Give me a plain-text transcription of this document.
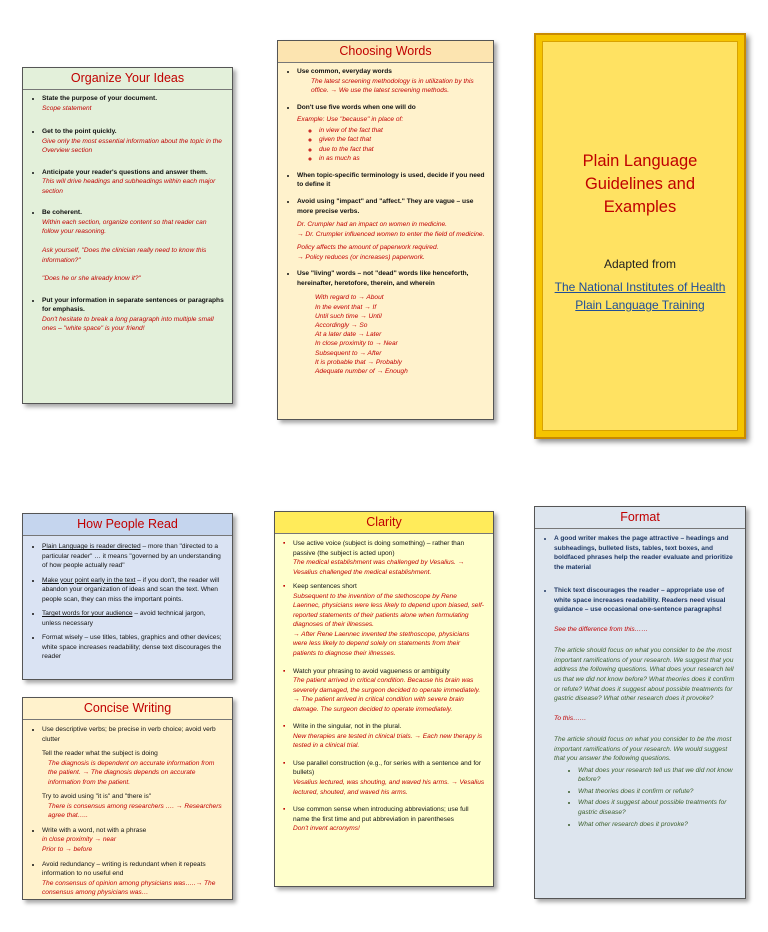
Organize Your Ideas
• State the purpose of your document.
Scope statement
• Get to the point quickly.
Give only the most essential information about the topic in the Overview section
• Anticipate your reader's questions and answer them.
This will drive headings and subheadings within each major section
• Be coherent.
Within each section, organize content so that reader can follow your reasoning.
Ask yourself, "Does the clinician really need to know this information?"
"Does he or she already know it?"
• Put your information in separate sentences or paragraphs for emphasis.
Don't hesitate to break a long paragraph into multiple small ones – "white space" is your friend!
Choosing Words
• Use common, everyday words
The latest screening methodology is in utilization by this office. → We use the latest screening methods.
• Don't use five words when one will do
Example: Use "because" in place of:
◦ in view of the fact that
◦ given the fact that
◦ due to the fact that
◦ in as much as
• When topic-specific terminology is used, decide if you need to define it
• Avoid using "impact" and "affect." They are vague – use more precise verbs.
Dr. Crumpler had an impact on women in medicine.
→ Dr. Crumpler influenced women to enter the field of medicine.
Policy affects the amount of paperwork required.
→ Policy reduces (or increases) paperwork.
• Use "living" words – not "dead" words like henceforth, hereinafter, heretofore, therein, and wherein
With regard to → About
In the event that → If
Until such time → Until
Accordingly → So
At a later date → Later
In close proximity to → Near
Subsequent to → After
It is probable that → Probably
Adequate number of → Enough
Plain Language Guidelines and Examples
Adapted from
The National Institutes of Health Plain Language Training
How People Read
• Plain Language is reader directed – more than "directed to a particular reader" … it means "governed by an understanding of how people actually read"
• Make your point early in the text – if you don't, the reader will abandon your organization of ideas and scan the text. When people scan, they can miss the important points.
• Target words for your audience – avoid technical jargon, unless necessary
• Format wisely – use titles, tables, graphics and other devices; white space increases readability; dense text discourages the reader
Concise Writing
• Use descriptive verbs; be precise in verb choice; avoid verb clutter
Tell the reader what the subject is doing
The diagnosis is dependent on accurate information from the patient. → The diagnosis depends on accurate information from the patient.
Try to avoid using "it is" and "there is"
There is consensus among researchers …. → Researchers agree that…..
• Write with a word, not with a phrase
in close proximity → near
Prior to → before
• Avoid redundancy – writing is redundant when it repeats information to no useful end
The consensus of opinion among physicians was…..→ The consensus among physicians was…
Clarity
▪ Use active voice (subject is doing something) – rather than passive (the subject is acted upon)
The medical establishment was challenged by Vesalius. → Vesalius challenged the medical establishment.
▪ Keep sentences short
Subsequent to the invention of the stethoscope by Rene Laennec, physicians were less likely to depend upon biased, self-reported statements of their patients alone when formulating diagnoses of their illnesses.
→ After Rene Laennec invented the stethoscope, physicians were less likely to depend solely on statements from their patients to diagnose their illnesses.
▪ Watch your phrasing to avoid vagueness or ambiguity
The patient arrived in critical condition. Because his brain was severely damaged, the surgeon decided to operate immediately.
→ The patient arrived in critical condition with severe brain damage. The surgeon decided to operate immediately.
▪ Write in the singular, not in the plural.
New therapies are tested in clinical trials. → Each new therapy is tested in a clinical trial.
▪ Use parallel construction (e.g., for series with a sentence and for bullets)
Vesalius lectured, was shouting, and waved his arms. → Vesalius lectured, shouted, and waved his arms.
▪ Use common sense when introducing abbreviations; use full name the first time and put abbreviation in parentheses
Don't invent acronyms!
Format
• A good writer makes the page attractive – headings and subheadings, bulleted lists, tables, text boxes, and boldfaced phrases help the reader evaluate and prioritize the material
• Thick text discourages the reader – appropriate use of white space increases readability. Readers need visual guidance – use occasional one-sentence paragraphs!
See the difference from this……
The article should focus on what you consider to be the most important ramifications of your research. We suggest that you address the following questions. What does your research tell us that we did not know before? What theories does it confirm or refute? What does it suggest about possible treatments for gastric disease? What other research does it provoke?
To this……
The article should focus on what you consider to be the most important ramifications of your research. We would suggest that you answer the following questions.
• What does your research tell us that we did not know before?
• What theories does it confirm or refute?
• What does it suggest about possible treatments for gastric disease?
• What other research does it provoke?
